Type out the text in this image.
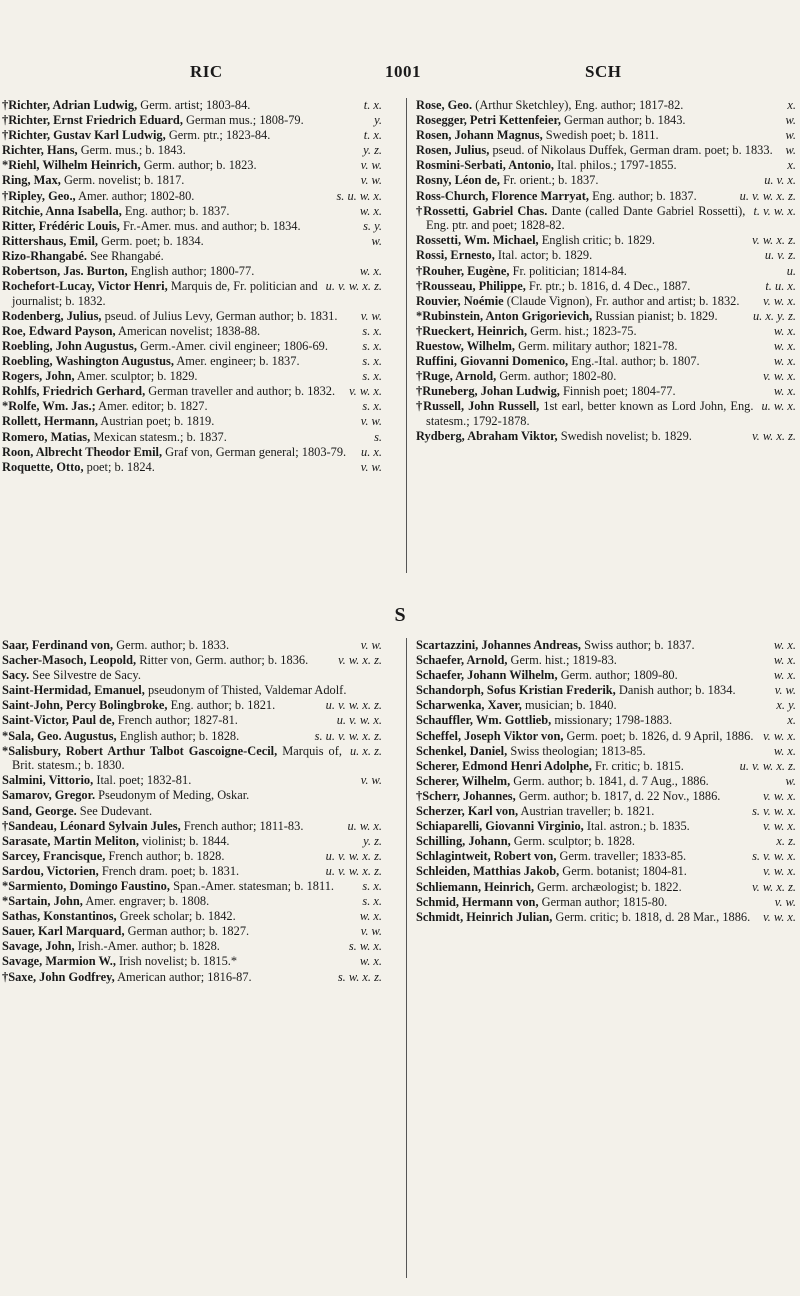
RIC	1001	SCH

t. x.
†Richter, Adrian Ludwig, Germ. artist; 1803-84.

y.
†Richter, Ernst Friedrich Eduard, German mus.; 1808-79.

t. x.
†Richter, Gustav Karl Ludwig, Germ. ptr.; 1823-84.

y. z.
Richter, Hans, Germ. mus.; b. 1843.

v. w.
*Riehl, Wilhelm Heinrich, Germ. author; b. 1823.

v. w.
Ring, Max, Germ. novelist; b. 1817.

s. u. w. x.
†Ripley, Geo., Amer. author; 1802-80.

w. x.
Ritchie, Anna Isabella, Eng. author; b. 1837.

s. y.
Ritter, Frédéric Louis, Fr.-Amer. mus. and author; b. 1834.

w.
Rittershaus, Emil, Germ. poet; b. 1834.

Rizo-Rhangabé. See Rhangabé.

w. x.
Robertson, Jas. Burton, English author; 1800-77.

u. v. w. x. z.
Rochefort-Lucay, Victor Henri, Marquis de, Fr. politician and journalist; b. 1832.

v. w.
Rodenberg, Julius, pseud. of Julius Levy, German author; b. 1831.

s. x.
Roe, Edward Payson, American novelist; 1838-88.

s. x.
Roebling, John Augustus, Germ.-Amer. civil engineer; 1806-69.

s. x.
Roebling, Washington Augustus, Amer. engineer; b. 1837.

s. x.
Rogers, John, Amer. sculptor; b. 1829.

v. w. x.
Rohlfs, Friedrich Gerhard, German traveller and author; b. 1832.

s. x.
*Rolfe, Wm. Jas.; Amer. editor; b. 1827.

v. w.
Rollett, Hermann, Austrian poet; b. 1819.

s.
Romero, Matias, Mexican statesm.; b. 1837.

u. x.
Roon, Albrecht Theodor Emil, Graf von, German general; 1803-79.

v. w.
Roquette, Otto, poet; b. 1824.

x.
Rose, Geo. (Arthur Sketchley), Eng. author; 1817-82.

w.
Rosegger, Petri Kettenfeier, German author; b. 1843.

w.
Rosen, Johann Magnus, Swedish poet; b. 1811.

w.
Rosen, Julius, pseud. of Nikolaus Duffek, German dram. poet; b. 1833.

x.
Rosmini-Serbati, Antonio, Ital. philos.; 1797-1855.

u. v. x.
Rosny, Léon de, Fr. orient.; b. 1837.

u. v. w. x. z.
Ross-Church, Florence Marryat, Eng. author; b. 1837.

t. v. w. x.
†Rossetti, Gabriel Chas. Dante (called Dante Gabriel Rossetti), Eng. ptr. and poet; 1828-82.

v. w. x. z.
Rossetti, Wm. Michael, English critic; b. 1829.

u. v. z.
Rossi, Ernesto, Ital. actor; b. 1829.

u.
†Rouher, Eugène, Fr. politician; 1814-84.

t. u. x.
†Rousseau, Philippe, Fr. ptr.; b. 1816, d. 4 Dec., 1887.

v. w. x.
Rouvier, Noémie (Claude Vignon), Fr. author and artist; b. 1832.

u. x. y. z.
*Rubinstein, Anton Grigorievich, Russian pianist; b. 1829.

w. x.
†Rueckert, Heinrich, Germ. hist.; 1823-75.

w. x.
Ruestow, Wilhelm, Germ. military author; 1821-78.

w. x.
Ruffini, Giovanni Domenico, Eng.-Ital. author; b. 1807.

v. w. x.
†Ruge, Arnold, Germ. author; 1802-80.

w. x.
†Runeberg, Johan Ludwig, Finnish poet; 1804-77.

u. w. x.
†Russell, John Russell, 1st earl, better known as Lord John, Eng. statesm.; 1792-1878.

v. w. x. z.
Rydberg, Abraham Viktor, Swedish novelist; b. 1829.

S

v. w.
Saar, Ferdinand von, Germ. author; b. 1833.

v. w. x. z.
Sacher-Masoch, Leopold, Ritter von, Germ. author; b. 1836.

Sacy. See Silvestre de Sacy.

Saint-Hermidad, Emanuel, pseudonym of Thisted, Valdemar Adolf.

u. v. w. x. z.
Saint-John, Percy Bolingbroke, Eng. author; b. 1821.

u. v. w. x.
Saint-Victor, Paul de, French author; 1827-81.

s. u. v. w. x. z.
*Sala, Geo. Augustus, English author; b. 1828.

u. x. z.
*Salisbury, Robert Arthur Talbot Gascoigne-Cecil, Marquis of, Brit. statesm.; b. 1830.

v. w.
Salmini, Vittorio, Ital. poet; 1832-81.

Samarov, Gregor. Pseudonym of Meding, Oskar.

Sand, George. See Dudevant.

u. w. x.
†Sandeau, Léonard Sylvain Jules, French author; 1811-83.

y. z.
Sarasate, Martin Meliton, violinist; b. 1844.

u. v. w. x. z.
Sarcey, Francisque, French author; b. 1828.

u. v. w. x. z.
Sardou, Victorien, French dram. poet; b. 1831.

s. x.
*Sarmiento, Domingo Faustino, Span.-Amer. statesman; b. 1811.

s. x.
*Sartain, John, Amer. engraver; b. 1808.

w. x.
Sathas, Konstantinos, Greek scholar; b. 1842.

v. w.
Sauer, Karl Marquard, German author; b. 1827.

s. w. x.
Savage, John, Irish.-Amer. author; b. 1828.

w. x.
Savage, Marmion W., Irish novelist; b. 1815.*

s. w. x. z.
†Saxe, John Godfrey, American author; 1816-87.

w. x.
Scartazzini, Johannes Andreas, Swiss author; b. 1837.

w. x.
Schaefer, Arnold, Germ. hist.; 1819-83.

w. x.
Schaefer, Johann Wilhelm, Germ. author; 1809-80.

v. w.
Schandorph, Sofus Kristian Frederik, Danish author; b. 1834.

x. y.
Scharwenka, Xaver, musician; b. 1840.

x.
Schauffler, Wm. Gottlieb, missionary; 1798-1883.

v. w. x.
Scheffel, Joseph Viktor von, Germ. poet; b. 1826, d. 9 April, 1886.

w. x.
Schenkel, Daniel, Swiss theologian; 1813-85.

u. v. w. x. z.
Scherer, Edmond Henri Adolphe, Fr. critic; b. 1815.

w.
Scherer, Wilhelm, Germ. author; b. 1841, d. 7 Aug., 1886.

v. w. x.
†Scherr, Johannes, Germ. author; b. 1817, d. 22 Nov., 1886.

s. v. w. x.
Scherzer, Karl von, Austrian traveller; b. 1821.

v. w. x.
Schiaparelli, Giovanni Virginio, Ital. astron.; b. 1835.

x. z.
Schilling, Johann, Germ. sculptor; b. 1828.

s. v. w. x.
Schlagintweit, Robert von, Germ. traveller; 1833-85.

v. w. x.
Schleiden, Matthias Jakob, Germ. botanist; 1804-81.

v. w. x. z.
Schliemann, Heinrich, Germ. archæologist; b. 1822.

v. w.
Schmid, Hermann von, German author; 1815-80.

v. w. x.
Schmidt, Heinrich Julian, Germ. critic; b. 1818, d. 28 Mar., 1886.
